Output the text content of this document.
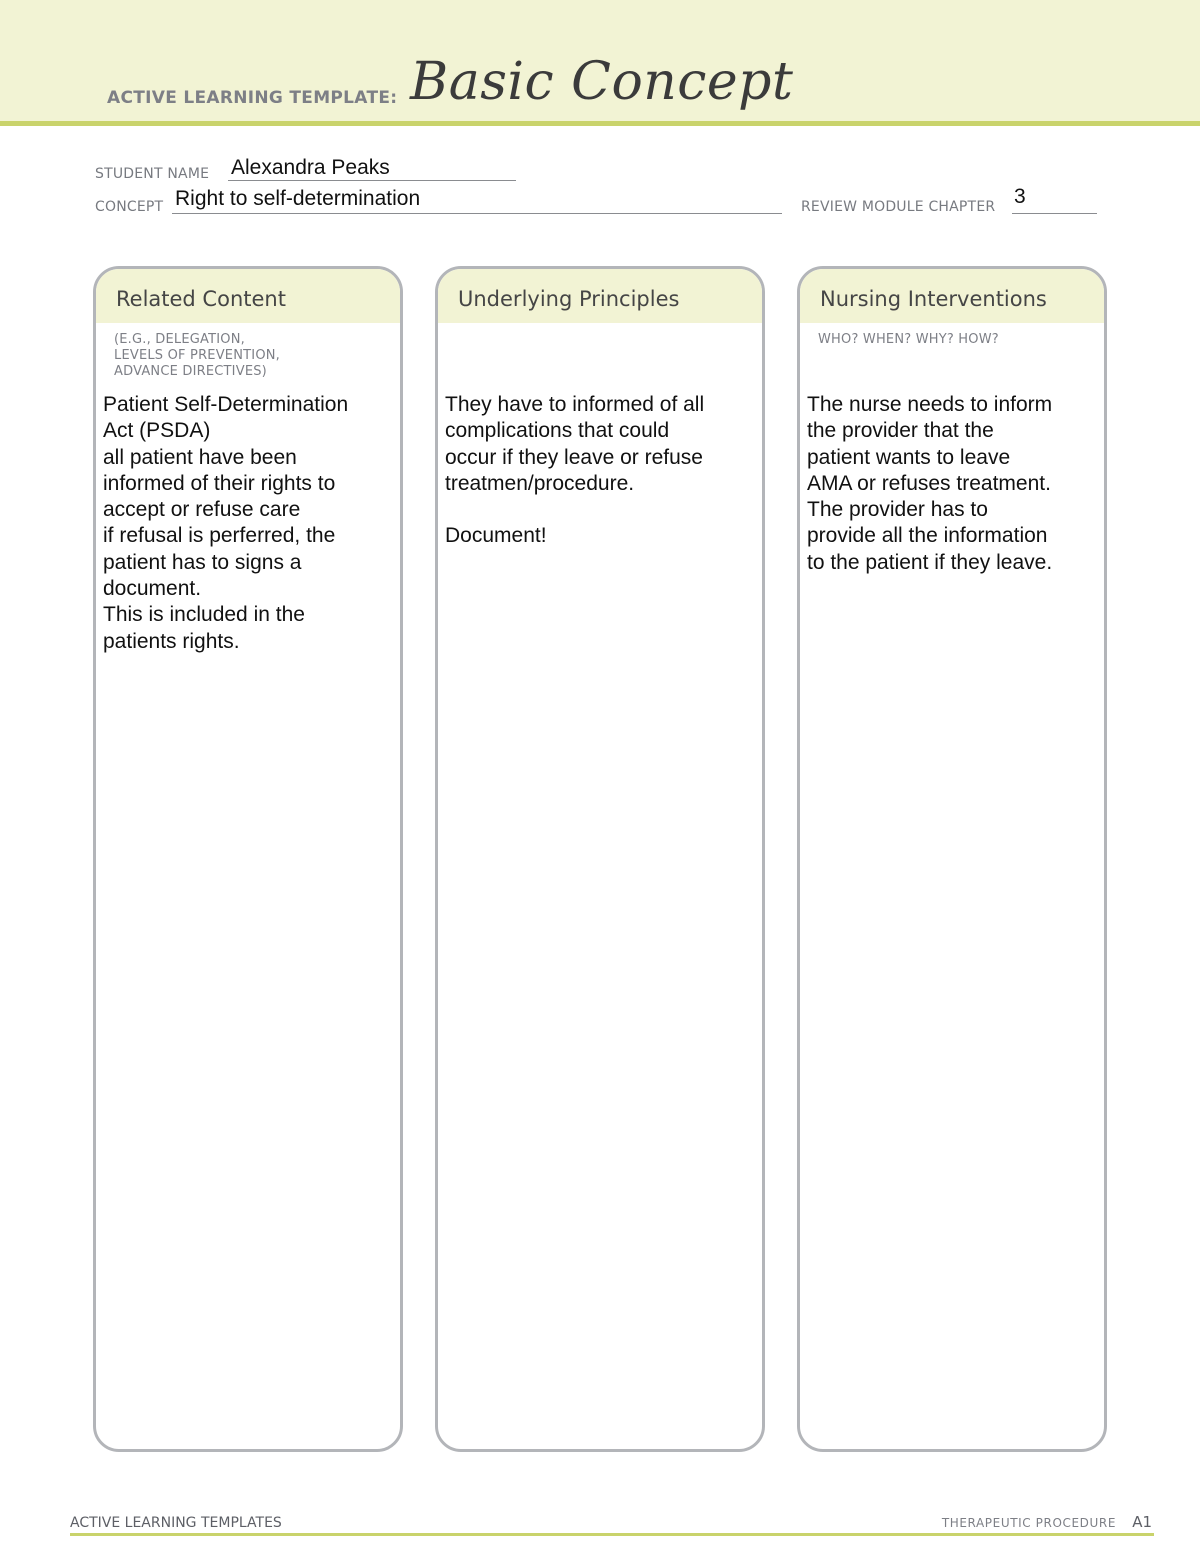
ACTIVE LEARNING TEMPLATE: Basic Concept
STUDENT NAME Alexandra Peaks
CONCEPT Right to self-determination	REVIEW MODULE CHAPTER 3
Related Content
(E.G., DELEGATION,
LEVELS OF PREVENTION,
ADVANCE DIRECTIVES)
Patient Self-Determination
Act (PSDA)
all patient have been
informed of their rights to
accept or refuse care
if refusal is perferred, the
patient has to signs a
document.
This is included in the
patients rights.
Underlying Principles
They have to informed of all
complications that could
occur if they leave or refuse
treatmen/procedure.

Document!
Nursing Interventions
WHO? WHEN? WHY? HOW?
The nurse needs to inform
the provider that the
patient wants to leave
AMA or refuses treatment.
The provider has to
provide all the information
to the patient if they leave.
ACTIVE LEARNING TEMPLATES	THERAPEUTIC PROCEDURE	A1
